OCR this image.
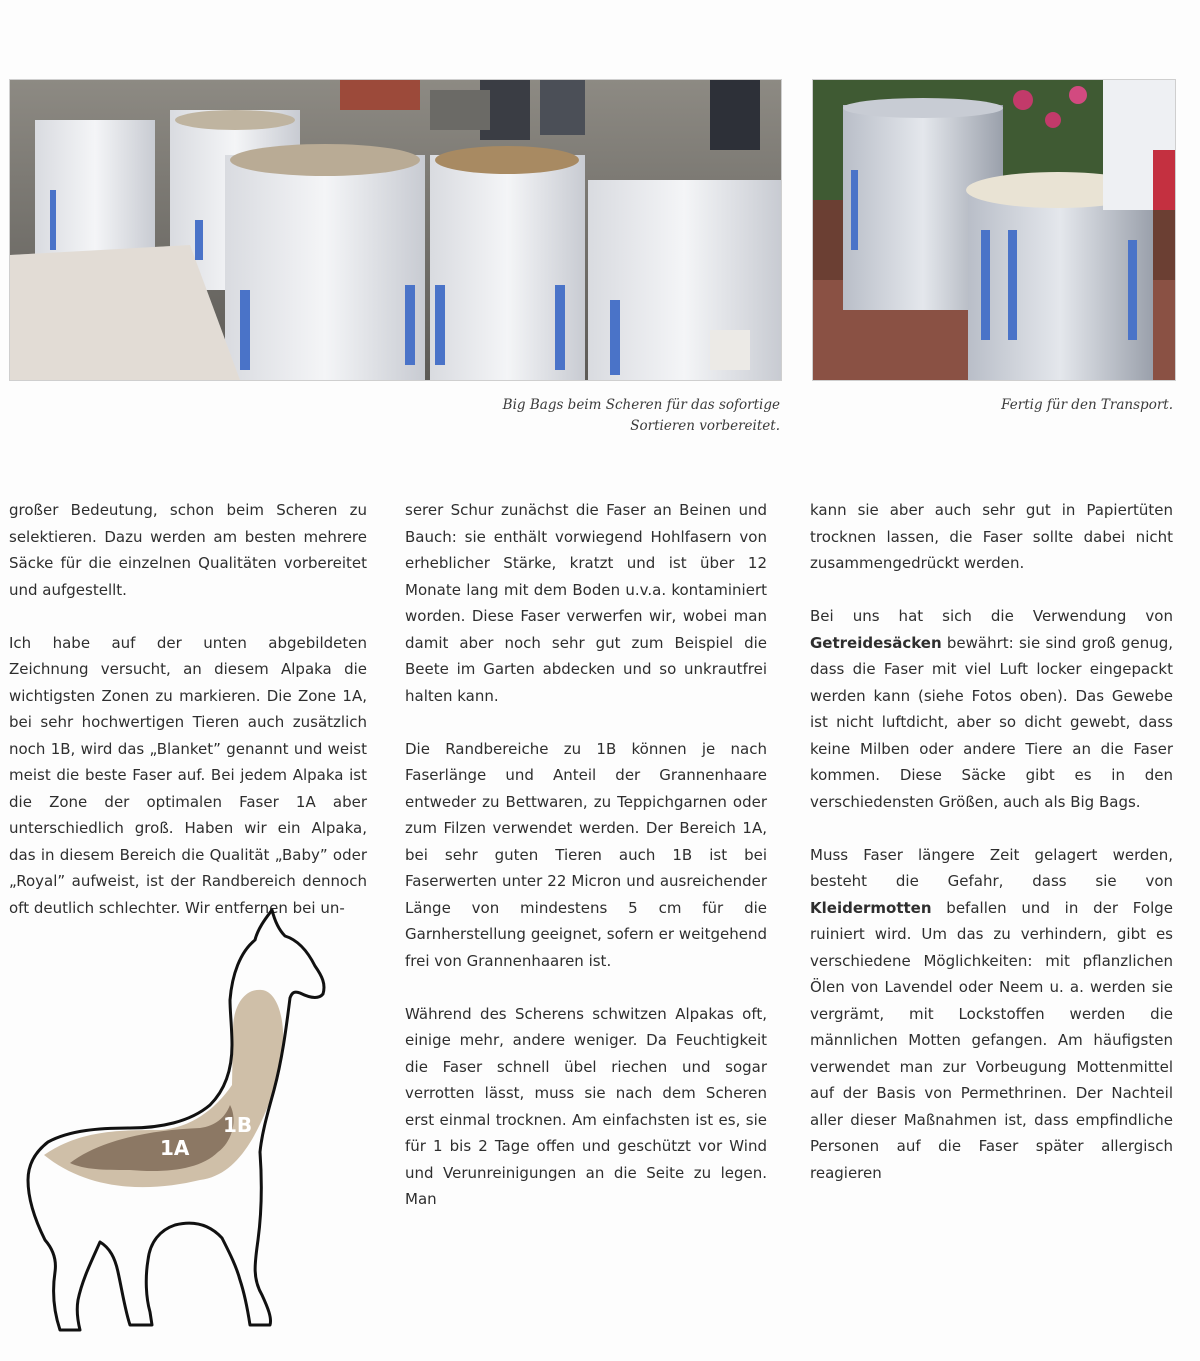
Big Bags beim Scheren für das sofortige
Sortieren vorbereitet.
Fertig für den Transport.

großer Bedeutung, schon beim Scheren zu selektieren. Dazu werden am besten mehrere Säcke für die einzelnen Qualitäten vorbereitet und aufgestellt.

Ich habe auf der unten abgebildeten Zeichnung versucht, an diesem Alpaka die wichtigsten Zonen zu markieren. Die Zone 1A, bei sehr hochwertigen Tieren auch zusätzlich noch 1B, wird das „Blanket” genannt und weist meist die beste Faser auf. Bei jedem Alpaka ist die Zone der optimalen Faser 1A aber unterschiedlich groß. Haben wir ein Alpaka, das in diesem Bereich die Qualität „Baby” oder „Royal” aufweist, ist der Randbereich dennoch oft deutlich schlechter. Wir entfernen bei un-

serer Schur zunächst die Faser an Beinen und Bauch: sie enthält vorwiegend Hohlfasern von erheblicher Stärke, kratzt und ist über 12 Monate lang mit dem Boden u.v.a. kontaminiert worden. Diese Faser verwerfen wir, wobei man damit aber noch sehr gut zum Beispiel die Beete im Garten abdecken und so unkrautfrei halten kann.

Die Randbereiche zu 1B können je nach Faserlänge und Anteil der Grannenhaare entweder zu Bettwaren, zu Teppichgarnen oder zum Filzen verwendet werden. Der Bereich 1A, bei sehr guten Tieren auch 1B ist bei Faserwerten unter 22 Micron und ausreichender Länge von mindestens 5 cm für die Garnherstellung geeignet, sofern er weitgehend frei von Grannenhaaren ist.

Während des Scherens schwitzen Alpakas oft, einige mehr, andere weniger. Da Feuchtigkeit die Faser schnell übel riechen und sogar verrotten lässt, muss sie nach dem Scheren erst einmal trocknen. Am einfachsten ist es, sie für 1 bis 2 Tage offen und geschützt vor Wind und Verunreinigungen an die Seite zu legen. Man

kann sie aber auch sehr gut in Papiertüten trocknen lassen, die Faser sollte dabei nicht zusammengedrückt werden.

Bei uns hat sich die Verwendung von Getreidesäcken bewährt: sie sind groß genug, dass die Faser mit viel Luft locker eingepackt werden kann (siehe Fotos oben). Das Gewebe ist nicht luftdicht, aber so dicht gewebt, dass keine Milben oder andere Tiere an die Faser kommen. Diese Säcke gibt es in den verschiedensten Größen, auch als Big Bags.

Muss Faser längere Zeit gelagert werden, besteht die Gefahr, dass sie von Kleidermotten befallen und in der Folge ruiniert wird. Um das zu verhindern, gibt es verschiedene Möglichkeiten: mit pflanzlichen Ölen von Lavendel oder Neem u. a. werden sie vergrämt, mit Lockstoffen werden die männlichen Motten gefangen. Am häufigsten verwendet man zur Vorbeugung Mottenmittel auf der Basis von Permethrinen. Der Nachteil aller dieser Maßnahmen ist, dass empfindliche Personen auf die Faser später allergisch reagieren

1A
1B
